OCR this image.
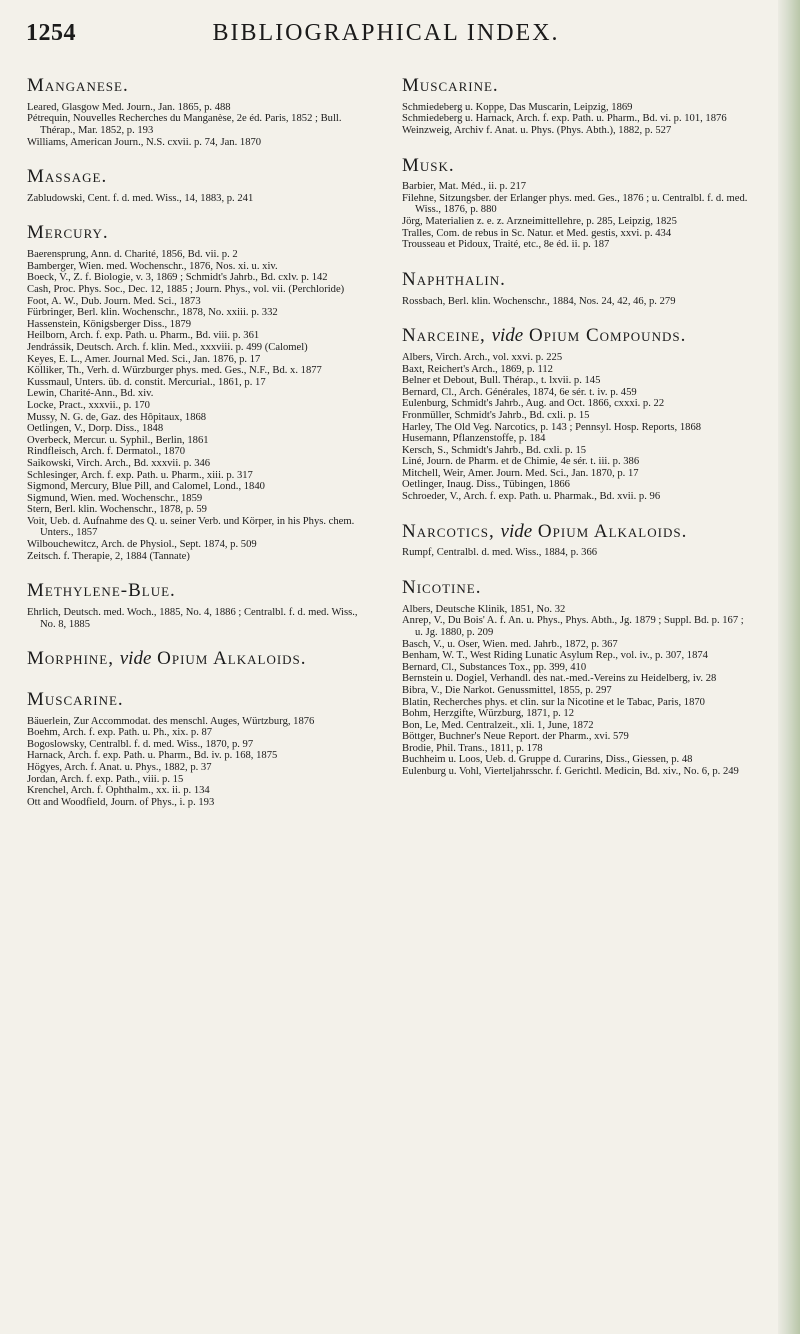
1254	BIBLIOGRAPHICAL INDEX.
Manganese.

Leared, Glasgow Med. Journ., Jan. 1865, p. 488

Pétrequin, Nouvelles Recherches du Manganèse, 2e éd. Paris, 1852 ; Bull. Thérap., Mar. 1852, p. 193

Williams, American Journ., N.S. cxvii. p. 74, Jan. 1870

Massage.

Zabludowski, Cent. f. d. med. Wiss., 14, 1883, p. 241

Mercury.

Baerensprung, Ann. d. Charité, 1856, Bd. vii. p. 2

Bamberger, Wien. med. Wochenschr., 1876, Nos. xi. u. xiv.

Boeck, V., Z. f. Biologie, v. 3, 1869 ; Schmidt's Jahrb., Bd. cxlv. p. 142

Cash, Proc. Phys. Soc., Dec. 12, 1885 ; Journ. Phys., vol. vii. (Perchloride)

Foot, A. W., Dub. Journ. Med. Sci., 1873

Fürbringer, Berl. klin. Wochenschr., 1878, No. xxiii. p. 332

Hassenstein, Königsberger Diss., 1879

Heilborn, Arch. f. exp. Path. u. Pharm., Bd. viii. p. 361

Jendrássik, Deutsch. Arch. f. klin. Med., xxxviii. p. 499 (Calomel)

Keyes, E. L., Amer. Journal Med. Sci., Jan. 1876, p. 17

Kölliker, Th., Verh. d. Würzburger phys. med. Ges., N.F., Bd. x. 1877

Kussmaul, Unters. üb. d. constit. Mercurial., 1861, p. 17

Lewin, Charité-Ann., Bd. xiv.

Locke, Pract., xxxvii., p. 170

Mussy, N. G. de, Gaz. des Hôpitaux, 1868

Oetlingen, V., Dorp. Diss., 1848

Overbeck, Mercur. u. Syphil., Berlin, 1861

Rindfleisch, Arch. f. Dermatol., 1870

Saikowski, Virch. Arch., Bd. xxxvii. p. 346

Schlesinger, Arch. f. exp. Path. u. Pharm., xiii. p. 317

Sigmond, Mercury, Blue Pill, and Calomel, Lond., 1840

Sigmund, Wien. med. Wochenschr., 1859

Stern, Berl. klin. Wochenschr., 1878, p. 59

Voit, Ueb. d. Aufnahme des Q. u. seiner Verb. und Körper, in his Phys. chem. Unters., 1857

Wilbouchewitcz, Arch. de Physiol., Sept. 1874, p. 509

Zeitsch. f. Therapie, 2, 1884 (Tannate)

Methylene-Blue.

Ehrlich, Deutsch. med. Woch., 1885, No. 4, 1886 ; Centralbl. f. d. med. Wiss., No. 8, 1885

Morphine, vide Opium Alkaloids.
Muscarine.

Bäuerlein, Zur Accommodat. des menschl. Auges, Würtzburg, 1876

Boehm, Arch. f. exp. Path. u. Ph., xix. p. 87

Bogoslowsky, Centralbl. f. d. med. Wiss., 1870, p. 97

Harnack, Arch. f. exp. Path. u. Pharm., Bd. iv. p. 168, 1875

Högyes, Arch. f. Anat. u. Phys., 1882, p. 37

Jordan, Arch. f. exp. Path., viii. p. 15

Krenchel, Arch. f. Ophthalm., xx. ii. p. 134

Ott and Woodfield, Journ. of Phys., i. p. 193

Muscarine.

Schmiedeberg u. Koppe, Das Muscarin, Leipzig, 1869

Schmiedeberg u. Harnack, Arch. f. exp. Path. u. Pharm., Bd. vi. p. 101, 1876

Weinzweig, Archiv f. Anat. u. Phys. (Phys. Abth.), 1882, p. 527

Musk.

Barbier, Mat. Méd., ii. p. 217

Filehne, Sitzungsber. der Erlanger phys. med. Ges., 1876 ; u. Centralbl. f. d. med. Wiss., 1876, p. 880

Jörg, Materialien z. e. z. Arzneimittellehre, p. 285, Leipzig, 1825

Tralles, Com. de rebus in Sc. Natur. et Med. gestis, xxvi. p. 434

Trousseau et Pidoux, Traité, etc., 8e éd. ii. p. 187

Naphthalin.

Rossbach, Berl. klin. Wochenschr., 1884, Nos. 24, 42, 46, p. 279

Narceine, vide Opium Compounds.

Albers, Virch. Arch., vol. xxvi. p. 225

Baxt, Reichert's Arch., 1869, p. 112

Belner et Debout, Bull. Thérap., t. lxvii. p. 145

Bernard, Cl., Arch. Générales, 1874, 6e sér. t. iv. p. 459

Eulenburg, Schmidt's Jahrb., Aug. and Oct. 1866, cxxxi. p. 22

Fronmüller, Schmidt's Jahrb., Bd. cxli. p. 15

Harley, The Old Veg. Narcotics, p. 143 ; Pennsyl. Hosp. Reports, 1868

Husemann, Pflanzenstoffe, p. 184

Kersch, S., Schmidt's Jahrb., Bd. cxli. p. 15

Liné, Journ. de Pharm. et de Chimie, 4e sér. t. iii. p. 386

Mitchell, Weir, Amer. Journ. Med. Sci., Jan. 1870, p. 17

Oetlinger, Inaug. Diss., Tübingen, 1866

Schroeder, V., Arch. f. exp. Path. u. Pharmak., Bd. xvii. p. 96

Narcotics, vide Opium Alkaloids.

Rumpf, Centralbl. d. med. Wiss., 1884, p. 366

Nicotine.

Albers, Deutsche Klinik, 1851, No. 32

Anrep, V., Du Bois' A. f. An. u. Phys., Phys. Abth., Jg. 1879 ; Suppl. Bd. p. 167 ; u. Jg. 1880, p. 209

Basch, V., u. Oser, Wien. med. Jahrb., 1872, p. 367

Benham, W. T., West Riding Lunatic Asylum Rep., vol. iv., p. 307, 1874

Bernard, Cl., Substances Tox., pp. 399, 410

Bernstein u. Dogiel, Verhandl. des nat.-med.-Vereins zu Heidelberg, iv. 28

Bibra, V., Die Narkot. Genussmittel, 1855, p. 297

Blatin, Recherches phys. et clin. sur la Nicotine et le Tabac, Paris, 1870

Bohm, Herzgifte, Würzburg, 1871, p. 12

Bon, Le, Med. Centralzeit., xli. 1, June, 1872

Böttger, Buchner's Neue Report. der Pharm., xvi. 579

Brodie, Phil. Trans., 1811, p. 178

Buchheim u. Loos, Ueb. d. Gruppe d. Curarins, Diss., Giessen, p. 48

Eulenburg u. Vohl, Vierteljahrsschr. f. Gerichtl. Medicin, Bd. xiv., No. 6, p. 249
